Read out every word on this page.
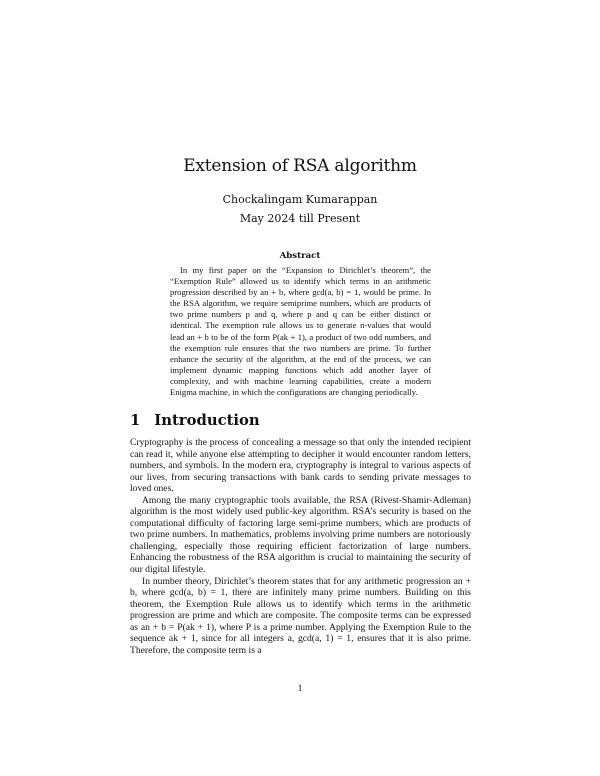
Extension of RSA algorithm
Chockalingam Kumarappan
May 2024 till Present
Abstract
In my first paper on the “Expansion to Dirichlet’s theorem”, the “Exemption Rule” allowed us to identify which terms in an arithmetic progression described by an + b, where gcd(a, b) = 1, would be prime. In the RSA algorithm, we require semiprime numbers, which are products of two prime numbers p and q, where p and q can be either distinct or identical. The exemption rule allows us to generate n-values that would lead an + b to be of the form P(ak + 1), a product of two odd numbers, and the exemption rule ensures that the two numbers are prime. To further enhance the security of the algorithm, at the end of the process, we can implement dynamic mapping functions which add another layer of complexity, and with machine learning capabilities, create a modern Enigma machine, in which the configurations are changing periodically.
1 Introduction

Cryptography is the process of concealing a message so that only the intended recipient can read it, while anyone else attempting to decipher it would encounter random letters, numbers, and symbols. In the modern era, cryptography is integral to various aspects of our lives, from securing transactions with bank cards to sending private messages to loved ones.

Among the many cryptographic tools available, the RSA (Rivest-Shamir-Adleman) algorithm is the most widely used public-key algorithm. RSA’s security is based on the computational difficulty of factoring large semi-prime numbers, which are products of two prime numbers. In mathematics, problems involving prime numbers are notoriously challenging, especially those requiring efficient factorization of large numbers. Enhancing the robustness of the RSA algorithm is crucial to maintaining the security of our digital lifestyle.

In number theory, Dirichlet’s theorem states that for any arithmetic progression an + b, where gcd(a, b) = 1, there are infinitely many prime numbers. Building on this theorem, the Exemption Rule allows us to identify which terms in the arithmetic progression are prime and which are composite. The composite terms can be expressed as an + b = P(ak + 1), where P is a prime number. Applying the Exemption Rule to the sequence ak + 1, since for all integers a, gcd(a, 1) = 1, ensures that it is also prime. Therefore, the composite term is a

1
